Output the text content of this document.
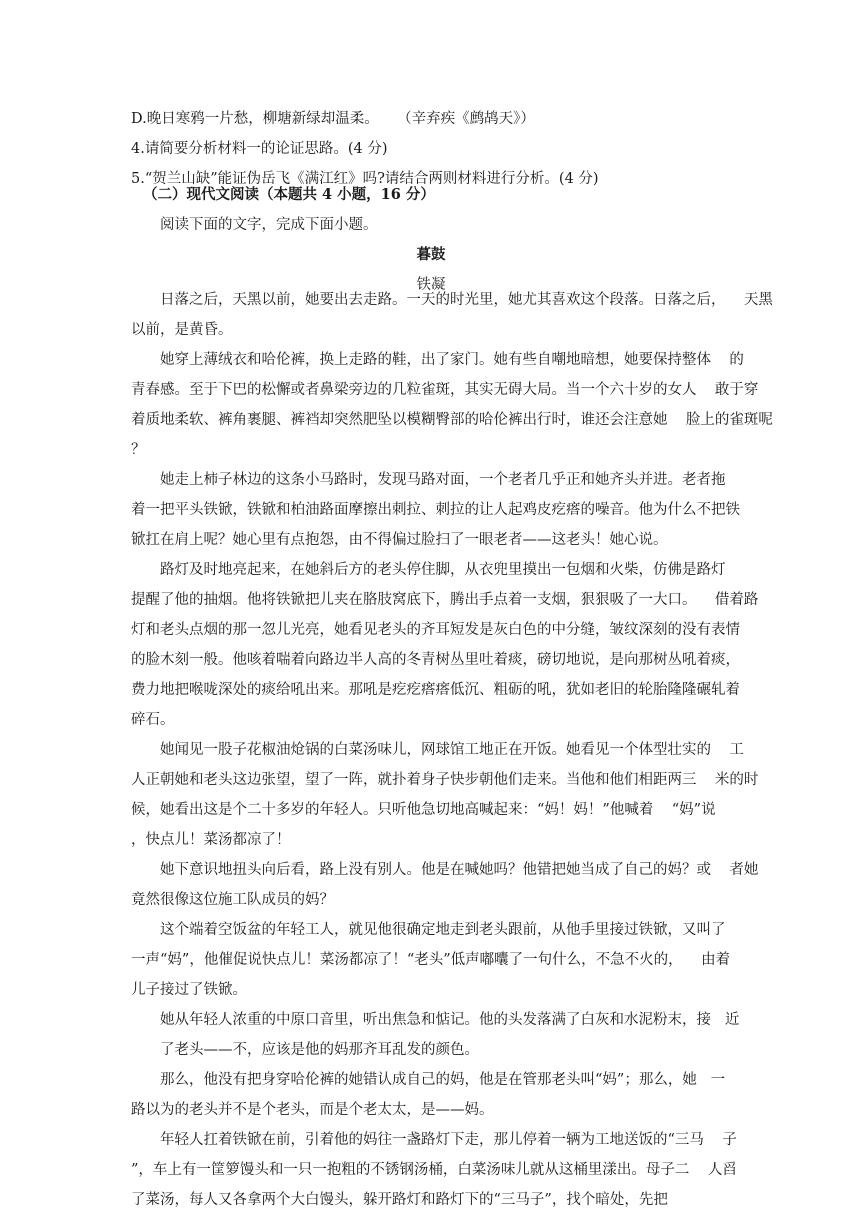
D.晚日寒鸦一片愁，柳塘新绿却温柔。    （辛弃疾《鹧鸪天》）
4.请简要分析材料一的论证思路。(4 分)
5.“贺兰山缺”能证伪岳飞《满江红》吗?请结合两则材料进行分析。(4 分)
（二）现代文阅读（本题共 4 小题，16 分）
阅读下面的文字，完成下面小题。
暮鼓
铁凝
日落之后，天黑以前，她要出去走路。一天的时光里，她尤其喜欢这个段落。日落之后，    天黑
以前，是黄昏。
她穿上薄绒衣和哈伦裤，换上走路的鞋，出了家门。她有些自嘲地暗想，她要保持整体    的
青春感。至于下巴的松懈或者鼻梁旁边的几粒雀斑，其实无碍大局。当一个六十岁的女人    敢于穿
着质地柔软、裤角裹腿、裤裆却突然肥坠以模糊臀部的哈伦裤出行时，谁还会注意她    脸上的雀斑呢
？
她走上柿子林边的这条小马路时，发现马路对面，一个老者几乎正和她齐头并进。老者拖
着一把平头铁锨，铁锨和柏油路面摩擦出刺拉、刺拉的让人起鸡皮疙瘩的噪音。他为什么不把铁
锨扛在肩上呢？她心里有点抱怨，由不得偏过脸扫了一眼老者——这老头！她心说。
路灯及时地亮起来，在她斜后方的老头停住脚，从衣兜里摸出一包烟和火柴，仿佛是路灯
提醒了他的抽烟。他将铁锨把儿夹在胳肢窝底下，腾出手点着一支烟，狠狠吸了一大口。    借着路
灯和老头点烟的那一忽儿光亮，她看见老头的齐耳短发是灰白色的中分缝，皱纹深刻的没有表情
的脸木刻一般。他咳着喘着向路边半人高的冬青树丛里吐着痰，磅切地说，是向那树丛吼着痰，
费力地把喉咙深处的痰给吼出来。那吼是疙疙瘩瘩低沉、粗砺的吼，犹如老旧的轮胎隆隆碾轧着
碎石。
她闻见一股子花椒油炝锅的白菜汤味儿，网球馆工地正在开饭。她看见一个体型壮实的    工
人正朝她和老头这边张望，望了一阵，就扑着身子快步朝他们走来。当他和他们相距两三    米的时
候，她看出这是个二十多岁的年轻人。只听他急切地高喊起来：“妈！妈！”他喊着    “妈”说
，快点儿！菜汤都凉了！
她下意识地扭头向后看，路上没有别人。他是在喊她吗？他错把她当成了自己的妈？或    者她
竟然很像这位施工队成员的妈？
这个端着空饭盆的年轻工人，就见他很确定地走到老头跟前，从他手里接过铁锨，又叫了
一声“妈”，他催促说快点儿！菜汤都凉了！“老头”低声嘟囔了一句什么，不急不火的，    由着
儿子接过了铁锨。
她从年轻人浓重的中原口音里，听出焦急和惦记。他的头发落满了白灰和水泥粉末，接   近
了老头——不，应该是他的妈那齐耳乱发的颜色。
那么，他没有把身穿哈伦裤的她错认成自己的妈，他是在管那老头叫“妈”；那么，她   一
路以为的老头并不是个老头，而是个老太太，是——妈。
年轻人扛着铁锨在前，引着他的妈往一盏路灯下走，那儿停着一辆为工地送饭的“三马    子
”，车上有一筐箩馒头和一只一抱粗的不锈钢汤桶，白菜汤味儿就从这桶里漾出。母子二    人舀
了菜汤，每人又各拿两个大白馒头，躲开路灯和路灯下的“三马子”，找个暗处，先把
